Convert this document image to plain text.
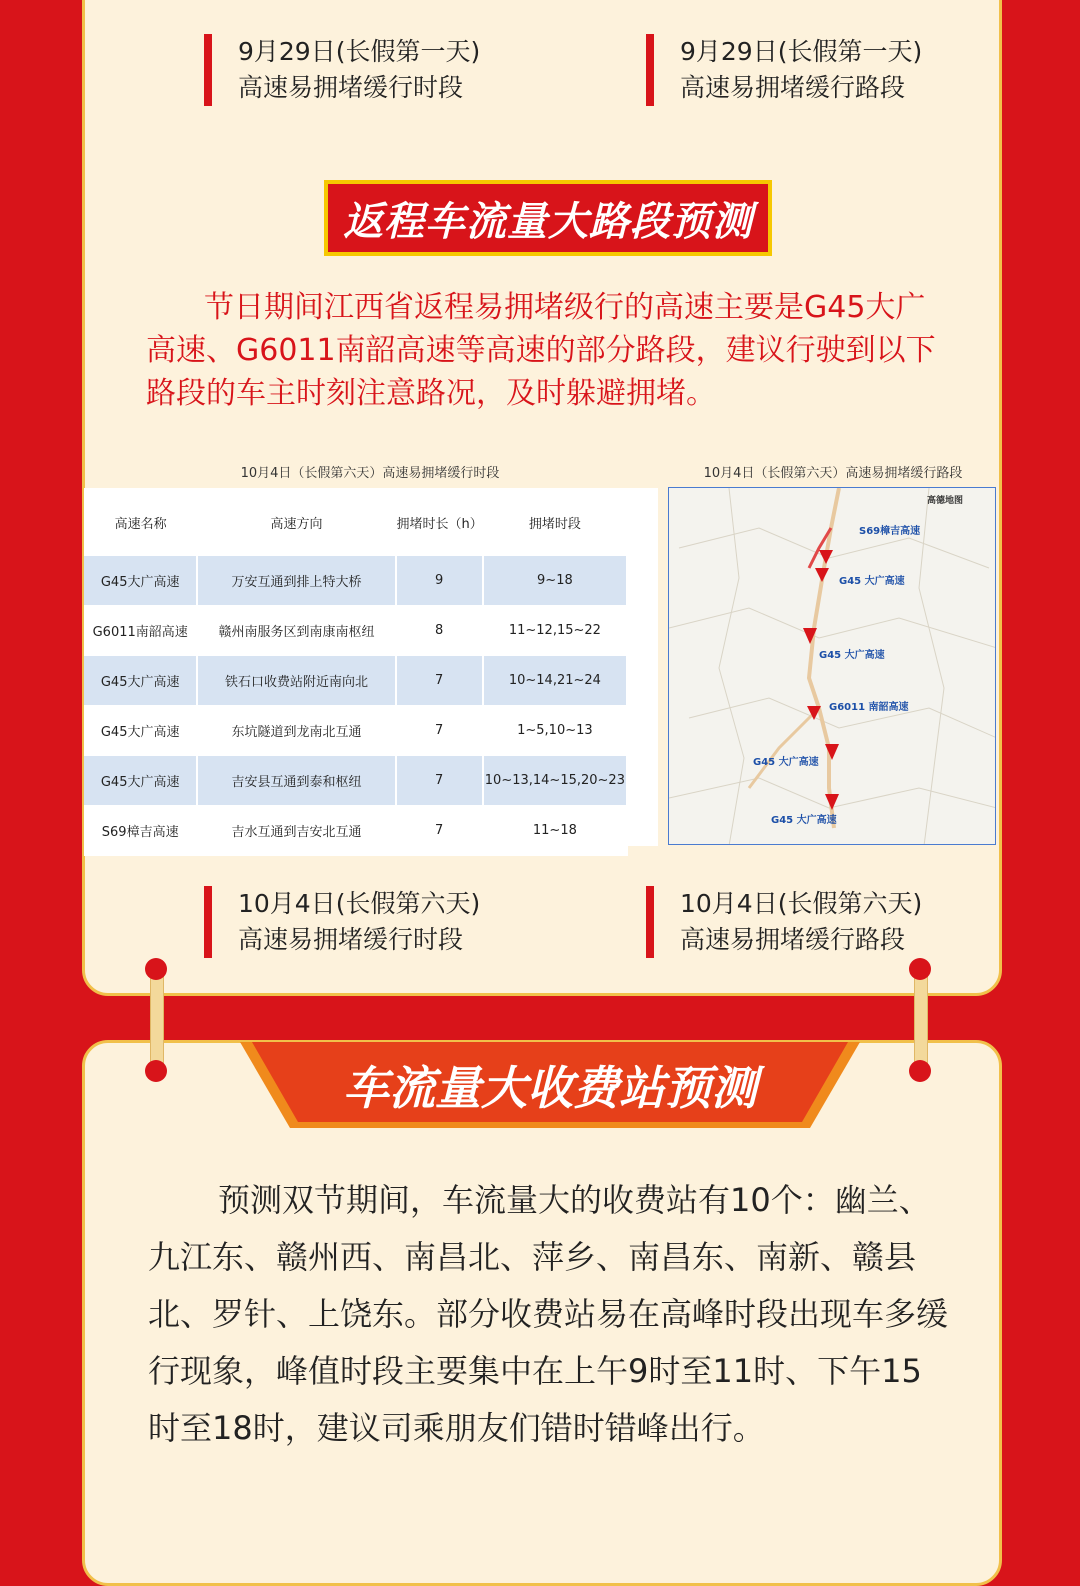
9月29日(长假第一天)
高速易拥堵缓行时段
9月29日(长假第一天)
高速易拥堵缓行路段
返程车流量大路段预测
节日期间江西省返程易拥堵级行的高速主要是G45大广高速、G6011南韶高速等高速的部分路段，建议行驶到以下路段的车主时刻注意路况，及时躲避拥堵。
10月4日（长假第六天）高速易拥堵缓行时段	10月4日（长假第六天）高速易拥堵缓行路段
高速名称	高速方向	拥堵时长（h）	拥堵时段
G45大广高速	万安互通到排上特大桥	9	9~18
G6011南韶高速	赣州南服务区到南康南枢纽	8	11~12,15~22
G45大广高速	铁石口收费站附近南向北	7	10~14,21~24
G45大广高速	东坑隧道到龙南北互通	7	1~5,10~13
G45大广高速	吉安县互通到泰和枢纽	7	10~13,14~15,20~23
S69樟吉高速	吉水互通到吉安北互通	7	11~18
高德地图
S69樟吉高速
G45 大广高速
G45 大广高速
G6011 南韶高速
G45 大广高速
G45 大广高速
10月4日(长假第六天)
高速易拥堵缓行时段
10月4日(长假第六天)
高速易拥堵缓行路段
车流量大收费站预测
预测双节期间，车流量大的收费站有10个：幽兰、九江东、赣州西、南昌北、萍乡、南昌东、南新、赣县北、罗针、上饶东。部分收费站易在高峰时段出现车多缓行现象，峰值时段主要集中在上午9时至11时、下午15时至18时，建议司乘朋友们错时错峰出行。
